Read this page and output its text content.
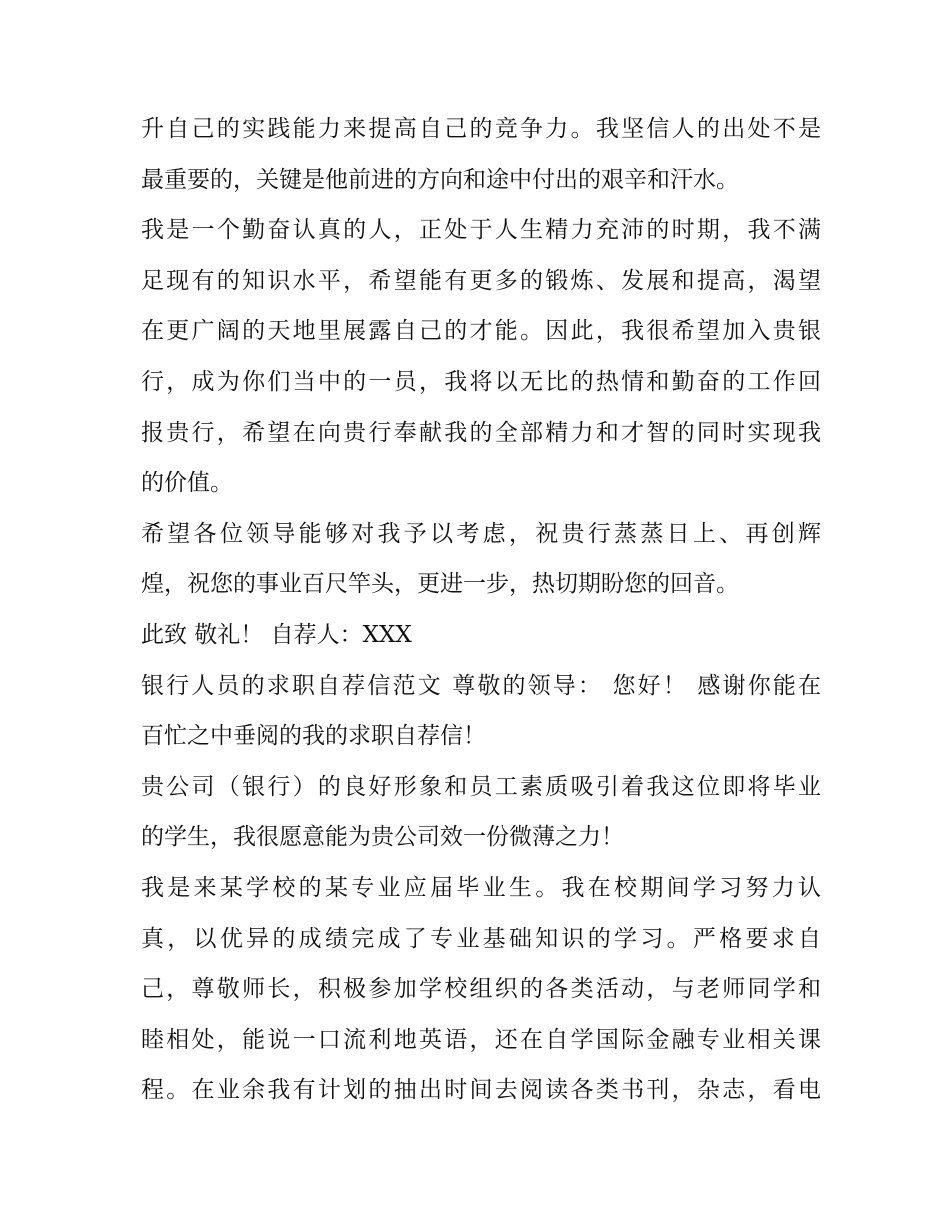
升自己的实践能力来提高自己的竞争力。我坚信人的出处不是
最重要的，关键是他前进的方向和途中付出的艰辛和汗水。
我是一个勤奋认真的人，正处于人生精力充沛的时期，我不满
足现有的知识水平，希望能有更多的锻炼、发展和提高，渴望
在更广阔的天地里展露自己的才能。因此，我很希望加入贵银
行，成为你们当中的一员，我将以无比的热情和勤奋的工作回
报贵行，希望在向贵行奉献我的全部精力和才智的同时实现我
的价值。
希望各位领导能够对我予以考虑，祝贵行蒸蒸日上、再创辉
煌，祝您的事业百尺竿头，更进一步，热切期盼您的回音。
此致 敬礼！ 自荐人：XXX
银行人员的求职自荐信范文 尊敬的领导： 您好！ 感谢你能在
百忙之中垂阅的我的求职自荐信！
贵公司（银行）的良好形象和员工素质吸引着我这位即将毕业
的学生，我很愿意能为贵公司效一份微薄之力！
我是来某学校的某专业应届毕业生。我在校期间学习努力认
真，以优异的成绩完成了专业基础知识的学习。严格要求自
己，尊敬师长，积极参加学校组织的各类活动，与老师同学和
睦相处，能说一口流利地英语，还在自学国际金融专业相关课
程。在业余我有计划的抽出时间去阅读各类书刊，杂志，看电
